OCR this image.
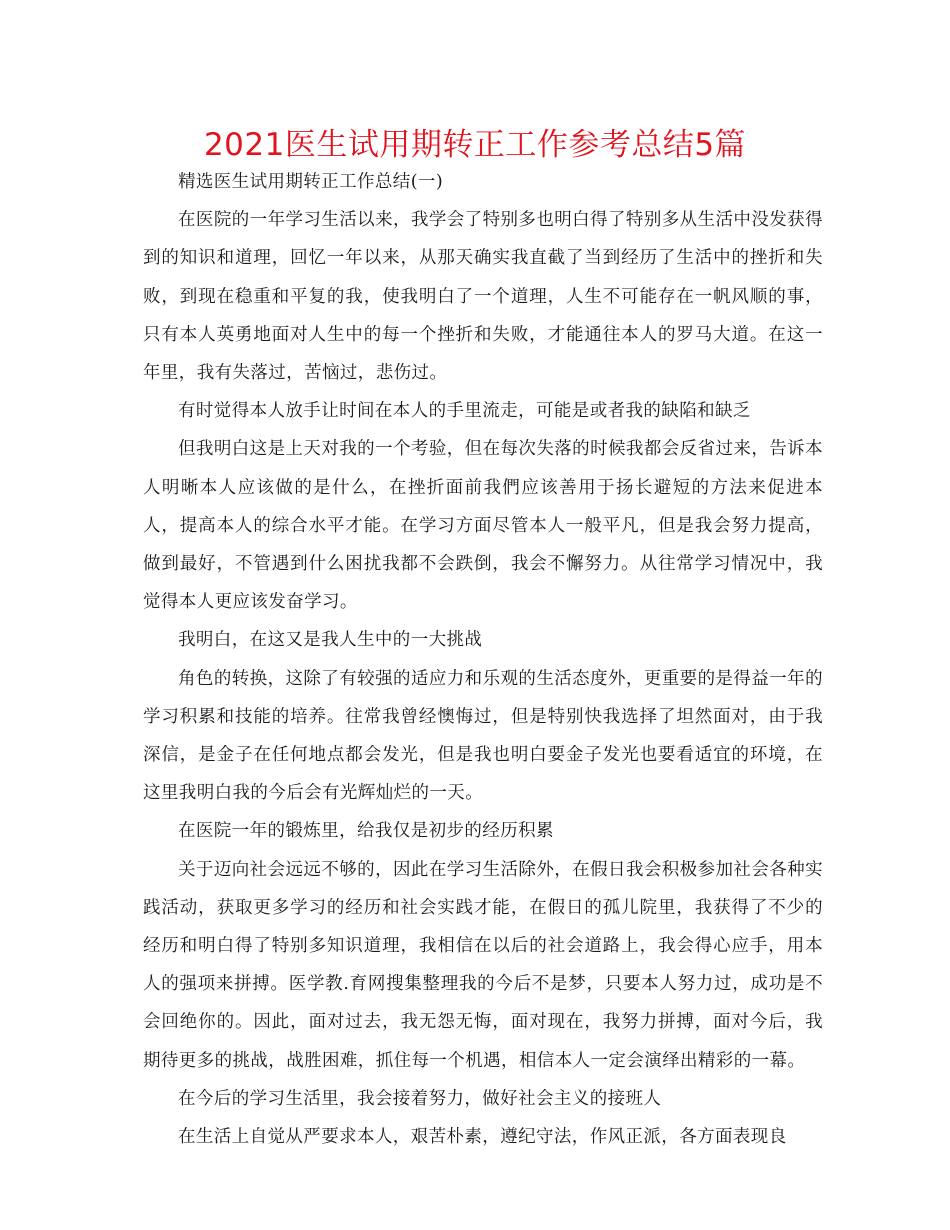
2021医生试用期转正工作参考总结5篇

精选医生试用期转正工作总结(一)

在医院的一年学习生活以来，我学会了特别多也明白得了特别多从生活中没发获得到的知识和道理，回忆一年以来，从那天确实我直截了当到经历了生活中的挫折和失败，到现在稳重和平复的我，使我明白了一个道理，人生不可能存在一帆风顺的事，只有本人英勇地面对人生中的每一个挫折和失败，才能通往本人的罗马大道。在这一年里，我有失落过，苦恼过，悲伤过。

有时觉得本人放手让时间在本人的手里流走，可能是或者我的缺陷和缺乏

但我明白这是上天对我的一个考验，但在每次失落的时候我都会反省过来，告诉本人明晰本人应该做的是什么，在挫折面前我們应该善用于扬长避短的方法来促进本人，提高本人的综合水平才能。在学习方面尽管本人一般平凡，但是我会努力提高，做到最好，不管遇到什么困扰我都不会跌倒，我会不懈努力。从往常学习情况中，我觉得本人更应该发奋学习。

我明白，在这又是我人生中的一大挑战

角色的转换，这除了有较强的适应力和乐观的生活态度外，更重要的是得益一年的学习积累和技能的培养。往常我曾经懊悔过，但是特别快我选择了坦然面对，由于我深信，是金子在任何地点都会发光，但是我也明白要金子发光也要看适宜的环境，在这里我明白我的今后会有光辉灿烂的一天。

在医院一年的锻炼里，给我仅是初步的经历积累

关于迈向社会远远不够的，因此在学习生活除外，在假日我会积极参加社会各种实践活动，获取更多学习的经历和社会实践才能，在假日的孤儿院里，我获得了不少的经历和明白得了特别多知识道理，我相信在以后的社会道路上，我会得心应手，用本人的强项来拼搏。医学教.育网搜集整理我的今后不是梦，只要本人努力过，成功是不会回绝你的。因此，面对过去，我无怨无悔，面对现在，我努力拼搏，面对今后，我期待更多的挑战，战胜困难，抓住每一个机遇，相信本人一定会演绎出精彩的一幕。

在今后的学习生活里，我会接着努力，做好社会主义的接班人

在生活上自觉从严要求本人，艰苦朴素，遵纪守法，作风正派，各方面表现良
